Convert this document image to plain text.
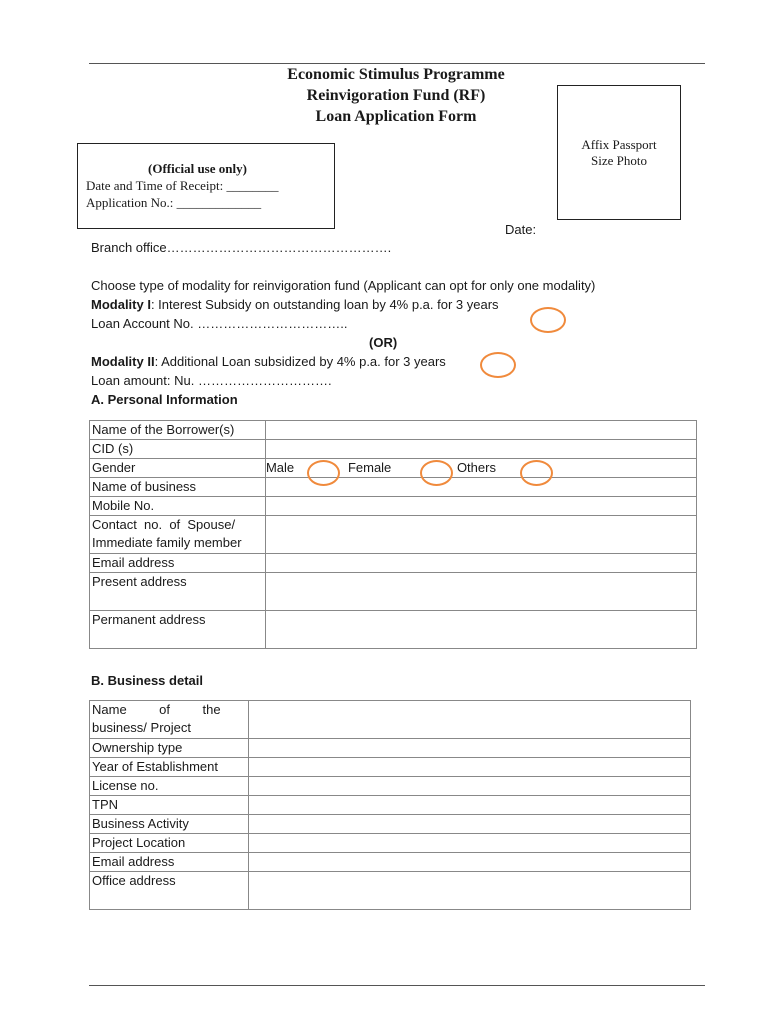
Economic Stimulus Programme
Reinvigoration Fund (RF)
Loan Application Form
Affix Passport
Size Photo
(Official use only)
Date and Time of Receipt: ________
Application No.: _____________
Date:
Branch office…………………………………………….
Choose type of modality for reinvigoration fund (Applicant can opt for only one modality)
Modality I: Interest Subsidy on outstanding loan by 4% p.a. for 3 years
Loan Account No. ……………………………..
(OR)
Modality II: Additional Loan subsidized by 4% p.a. for 3 years
Loan amount: Nu. ………………………….
A. Personal Information
Name of the Borrower(s)	
CID (s)	
Gender	Male Female Others

Name of business	
Mobile No.	

Contact  no.  of  Spouse/
Immediate family member	

Email address	
Present address	
Permanent address	
B. Business detail
Name         of         the
business/ Project	

Ownership type	
Year of Establishment	
License no.	
TPN	
Business Activity	
Project Location	
Email address	
Office address	
